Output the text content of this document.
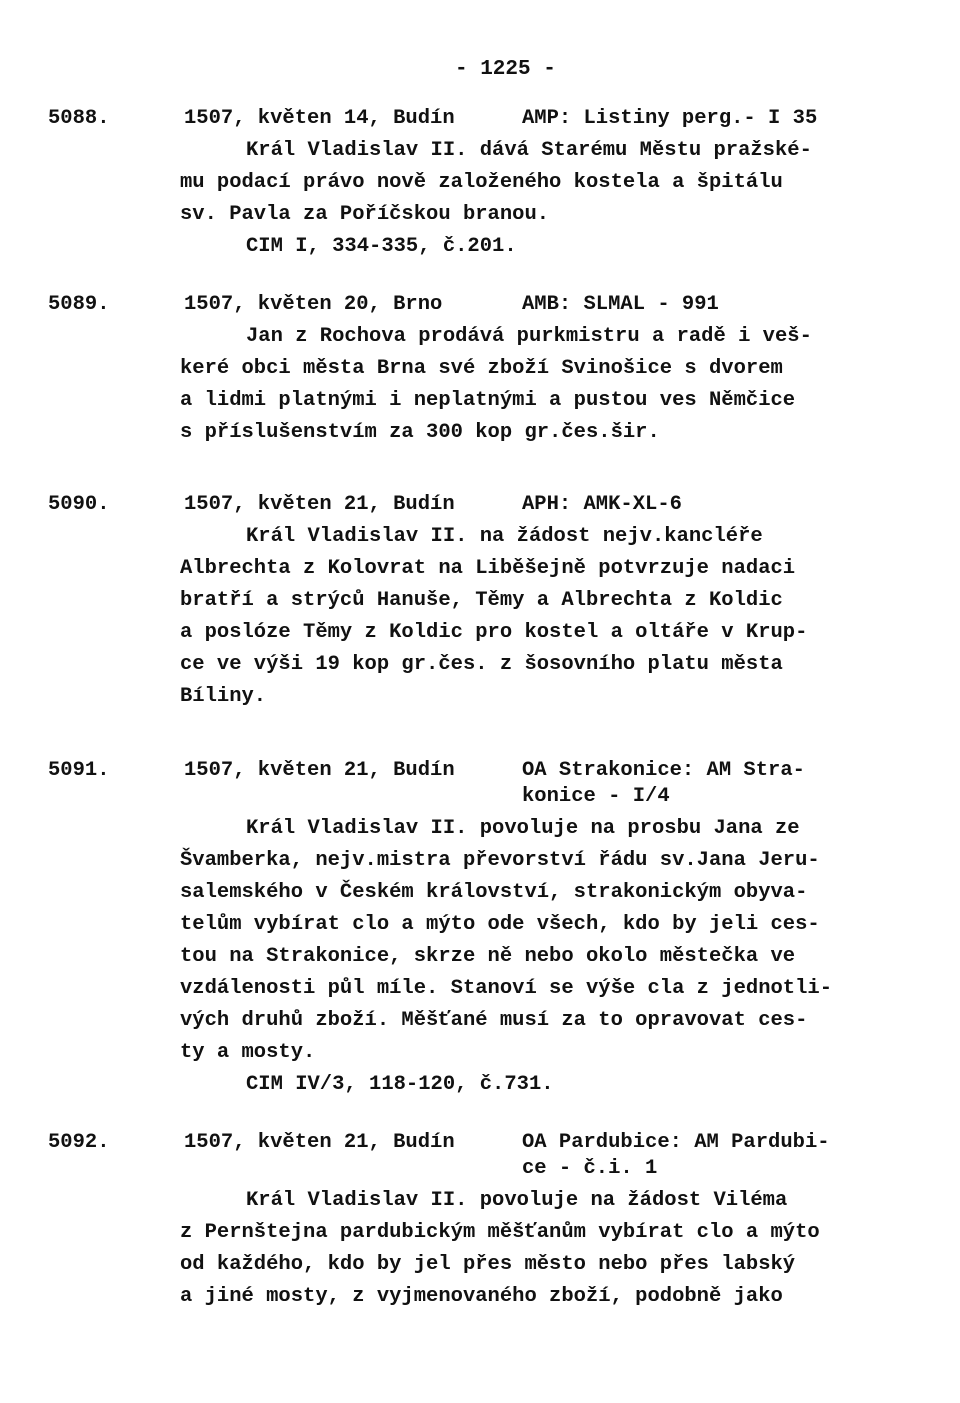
- 1225 -
5088.	1507, květen 14, Budín	AMP: Listiny perg.- I 35
Král Vladislav II. dává Starému Městu pražské-
mu podací právo nově založeného kostela a špitálu
sv. Pavla za Poříčskou branou.
CIM I, 334-335, č.201.
5089.	1507, květen 20, Brno	AMB: SLMAL - 991
Jan z Rochova prodává purkmistru a radě i veš-
keré obci města Brna své zboží Svinošice s dvorem
a lidmi platnými i neplatnými a pustou ves Němčice
s příslušenstvím za 300 kop gr.čes.šir.
5090.	1507, květen 21, Budín	APH: AMK-XL-6
Král Vladislav II. na žádost nejv.kancléře
Albrechta z Kolovrat na Liběšejně potvrzuje nadaci
bratří a strýců Hanuše, Těmy a Albrechta z Koldic
a poslóze Těmy z Koldic pro kostel a oltáře v Krup-
ce ve výši 19 kop gr.čes. z šosovního platu města
Bíliny.
5091.	1507, květen 21, Budín	OA Strakonice: AM Stra-
konice - I/4
Král Vladislav II. povoluje na prosbu Jana ze
Švamberka, nejv.mistra převorství řádu sv.Jana Jeru-
salemského v Českém království, strakonickým obyva-
telům vybírat clo a mýto ode všech, kdo by jeli ces-
tou na Strakonice, skrze ně nebo okolo městečka ve
vzdálenosti půl míle. Stanoví se výše cla z jednotli-
vých druhů zboží. Měšťané musí za to opravovat ces-
ty a mosty.
CIM IV/3, 118-120, č.731.
5092.	1507, květen 21, Budín	OA Pardubice: AM Pardubi-
ce - č.i. 1
Král Vladislav II. povoluje na žádost Viléma
z Pernštejna pardubickým měšťanům vybírat clo a mýto
od každého, kdo by jel přes město nebo přes labský
a jiné mosty, z vyjmenovaného zboží, podobně jako
